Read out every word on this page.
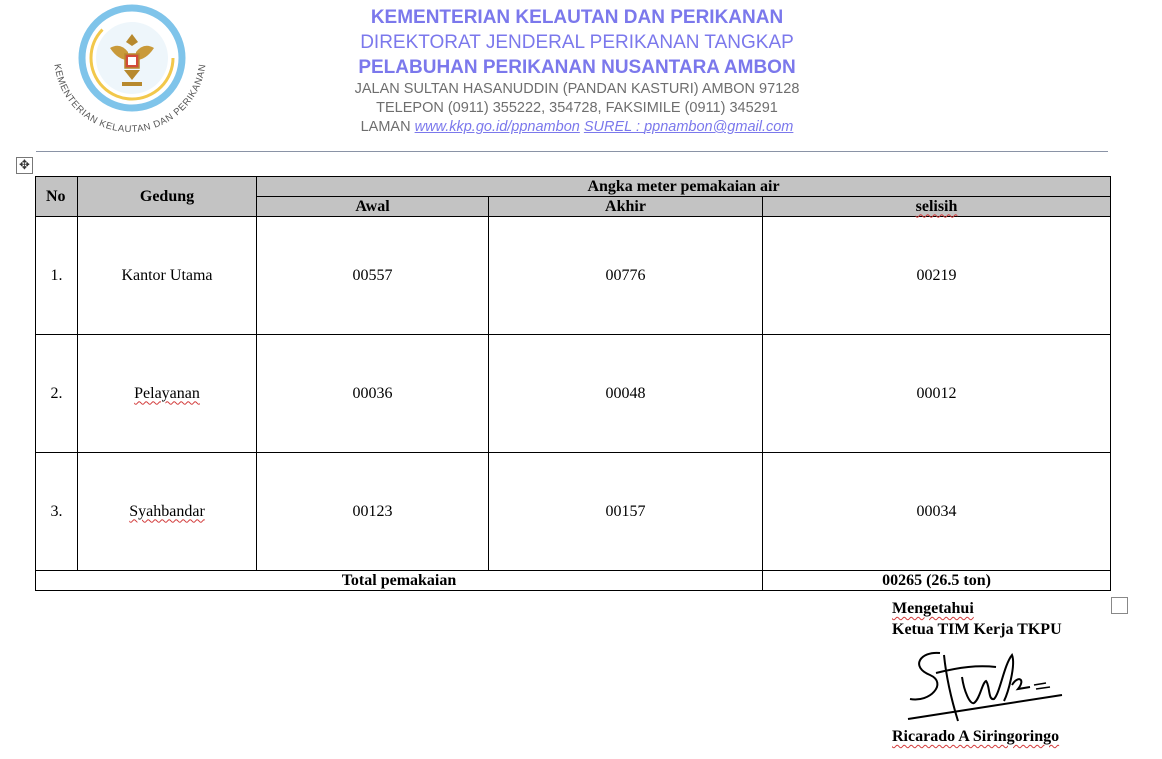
KEMENTERIAN KELAUTAN DAN PERIKANAN
KEMENTERIAN KELAUTAN DAN PERIKANAN
DIREKTORAT JENDERAL PERIKANAN TANGKAP
PELABUHAN PERIKANAN NUSANTARA AMBON
JALAN SULTAN HASANUDDIN (PANDAN KASTURI) AMBON 97128
TELEPON (0911) 355222, 354728, FAKSIMILE (0911) 345291
LAMAN www.kkp.go.id/ppnambon SUREL : ppnambon@gmail.com
✥
No	Gedung	Angka meter pemakaian air		
		Awal	Akhir	selisih
1.	Kantor Utama	00557	00776	00219
2.	Pelayanan	00036	00048	00012
3.	Syahbandar	00123	00157	00034
Total pemakaian				00265 (26.5 ton)
Mengetahui
Ketua TIM Kerja TKPU
Ricarado A Siringoringo
